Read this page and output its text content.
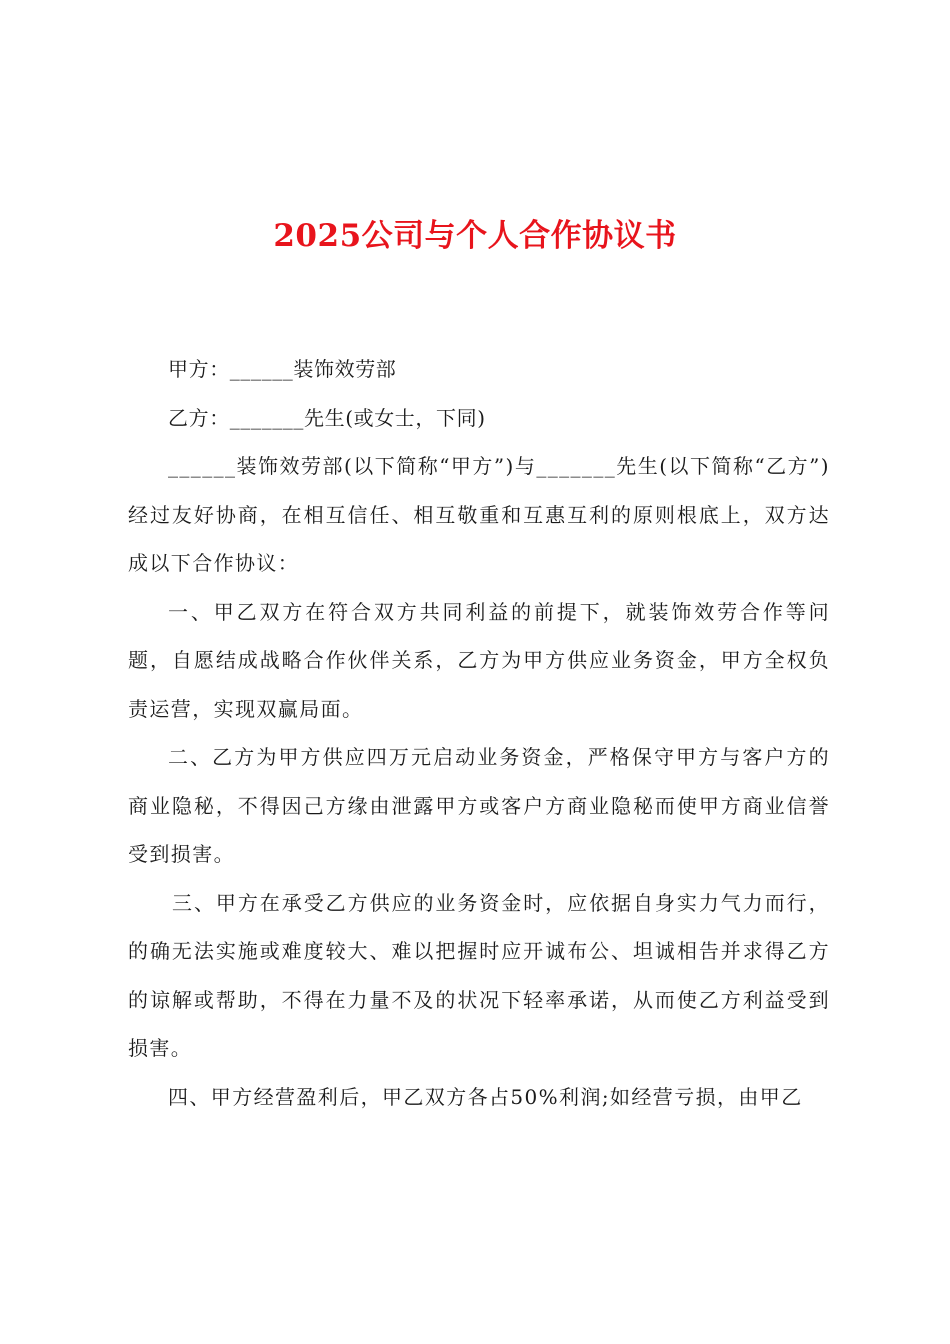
2025公司与个人合作协议书

甲方：______装饰效劳部

乙方：_______先生(或女士，下同)

______装饰效劳部(以下简称“甲方”)与_______先生(以下简称“乙方”)经过友好协商，在相互信任、相互敬重和互惠互利的原则根底上，双方达成以下合作协议：

一、甲乙双方在符合双方共同利益的前提下，就装饰效劳合作等问题，自愿结成战略合作伙伴关系，乙方为甲方供应业务资金，甲方全权负责运营，实现双赢局面。

二、乙方为甲方供应四万元启动业务资金，严格保守甲方与客户方的商业隐秘，不得因己方缘由泄露甲方或客户方商业隐秘而使甲方商业信誉受到损害。

三、甲方在承受乙方供应的业务资金时，应依据自身实力气力而行，的确无法实施或难度较大、难以把握时应开诚布公、坦诚相告并求得乙方的谅解或帮助，不得在力量不及的状况下轻率承诺，从而使乙方利益受到损害。

四、甲方经营盈利后，甲乙双方各占50%利润;如经营亏损，由甲乙
